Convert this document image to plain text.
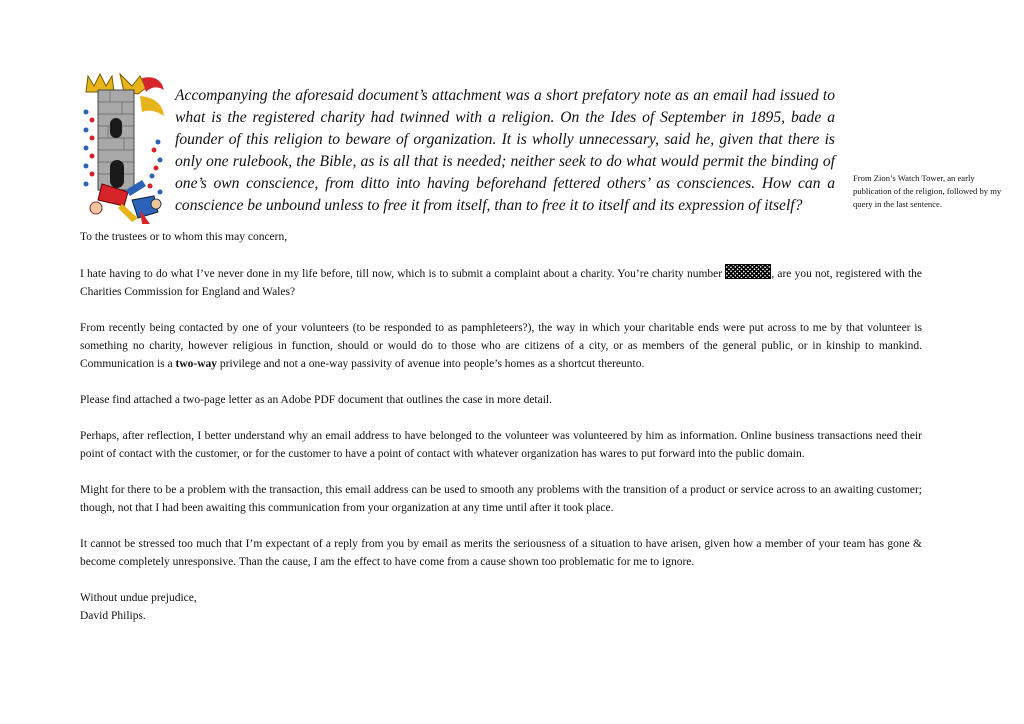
Accompanying the aforesaid document’s attachment was a short prefatory note as an email had issued to what is the registered charity had twinned with a religion. On the Ides of September in 1895, bade a founder of this religion to beware of organization. It is wholly unnecessary, said he, given that there is only one rulebook, the Bible, as is all that is needed; neither seek to do what would permit the binding of one’s own conscience, from ditto into having beforehand fettered others’ as consciences. How can a conscience be unbound unless to free it from itself, than to free it to itself and its expression of itself?

From Zion’s Watch Tower, an early publication of the religion, followed by my query in the last sentence.

To the trustees or to whom this may concern,

I hate having to do what I’ve never done in my life before, till now, which is to submit a complaint about a charity. You’re charity number	, are you not, registered with the Charities Commission for England and Wales?

From recently being contacted by one of your volunteers (to be responded to as pamphleteers?), the way in which your charitable ends were put across to me by that volunteer is something no charity, however religious in function, should or would do to those who are citizens of a city, or as members of the general public, or in kinship to mankind. Communication is a two-way privilege and not a one-way passivity of avenue into people’s homes as a shortcut thereunto.

Please find attached a two-page letter as an Adobe PDF document that outlines the case in more detail.

Perhaps, after reflection, I better understand why an email address to have belonged to the volunteer was volunteered by him as information. Online business transactions need their point of contact with the customer, or for the customer to have a point of contact with whatever organization has wares to put forward into the public domain.

Might for there to be a problem with the transaction, this email address can be used to smooth any problems with the transition of a product or service across to an awaiting customer; though, not that I had been awaiting this communication from your organization at any time until after it took place.

It cannot be stressed too much that I’m expectant of a reply from you by email as merits the seriousness of a situation to have arisen, given how a member of your team has gone & become completely unresponsive. Than the cause, I am the effect to have come from a cause shown too problematic for me to ignore.

Without undue prejudice,

David Philips.
